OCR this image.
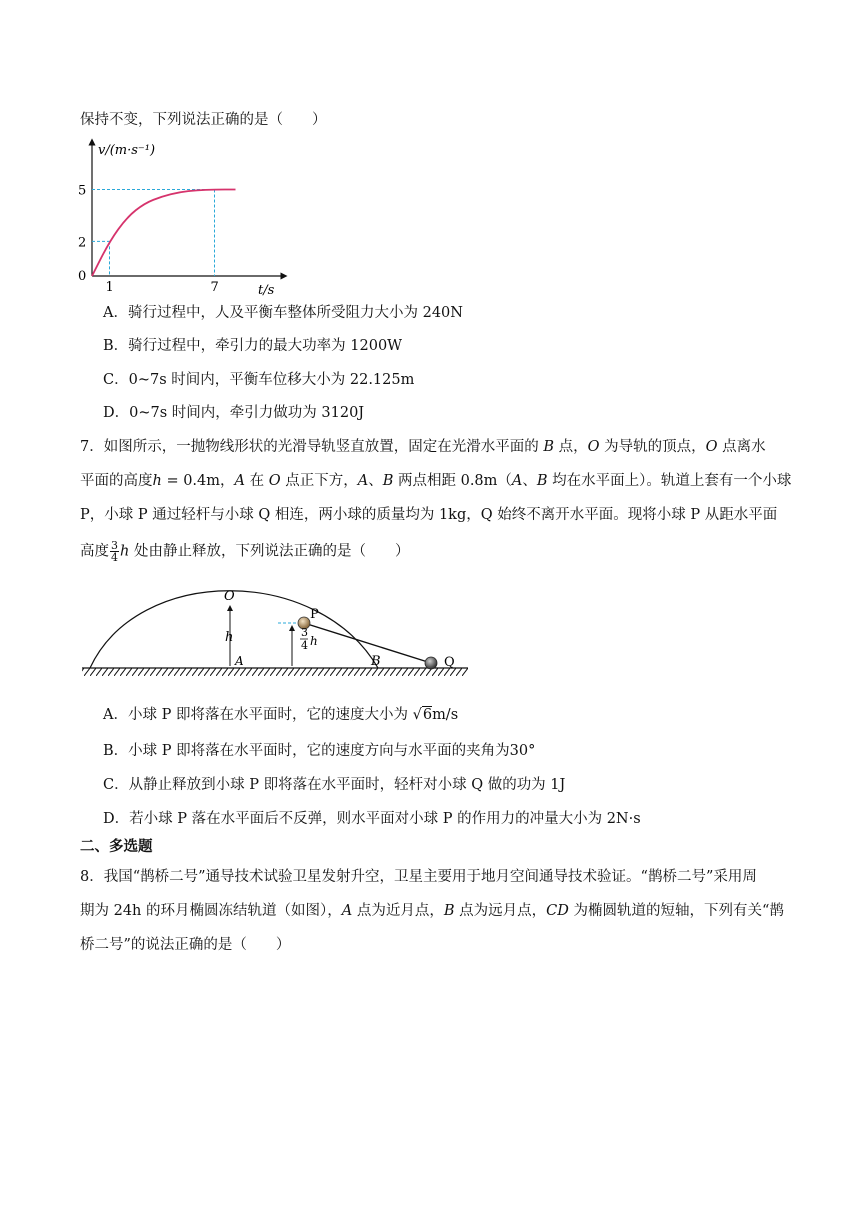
保持不变，下列说法正确的是（　　）

v/(m·s⁻¹)
t/s
0
1	7
2
5

A．骑行过程中，人及平衡车整体所受阻力大小为 240N

B．骑行过程中，牵引力的最大功率为 1200W

C．0~7s 时间内，平衡车位移大小为 22.125m

D．0~7s 时间内，牵引力做功为 3120J

7．如图所示，一抛物线形状的光滑导轨竖直放置，固定在光滑水平面的 B 点，O 为导轨的顶点，O 点离水

平面的高度h = 0.4m，A 在 O 点正下方，A、B 两点相距 0.8m（A、B 均在水平面上）。轨道上套有一个小球

P，小球 P 通过轻杆与小球 Q 相连，两小球的质量均为 1kg，Q 始终不离开水平面。现将小球 P 从距水平面

高度 $\frac{3}{4}$ h 处由静止释放，下列说法正确的是（　　）

O
P
h
A
3
4 h
B	Q

A．小球 P 即将落在水平面时，它的速度大小为 √6m/s

B．小球 P 即将落在水平面时，它的速度方向与水平面的夹角为30°

C．从静止释放到小球 P 即将落在水平面时，轻杆对小球 Q 做的功为 1J

D．若小球 P 落在水平面后不反弹，则水平面对小球 P 的作用力的冲量大小为 2N·s

二、多选题

8．我国“鹊桥二号”通导技术试验卫星发射升空，卫星主要用于地月空间通导技术验证。“鹊桥二号”采用周

期为 24h 的环月椭圆冻结轨道（如图），A 点为近月点，B 点为远月点，CD 为椭圆轨道的短轴，下列有关“鹊

桥二号”的说法正确的是（　　）
